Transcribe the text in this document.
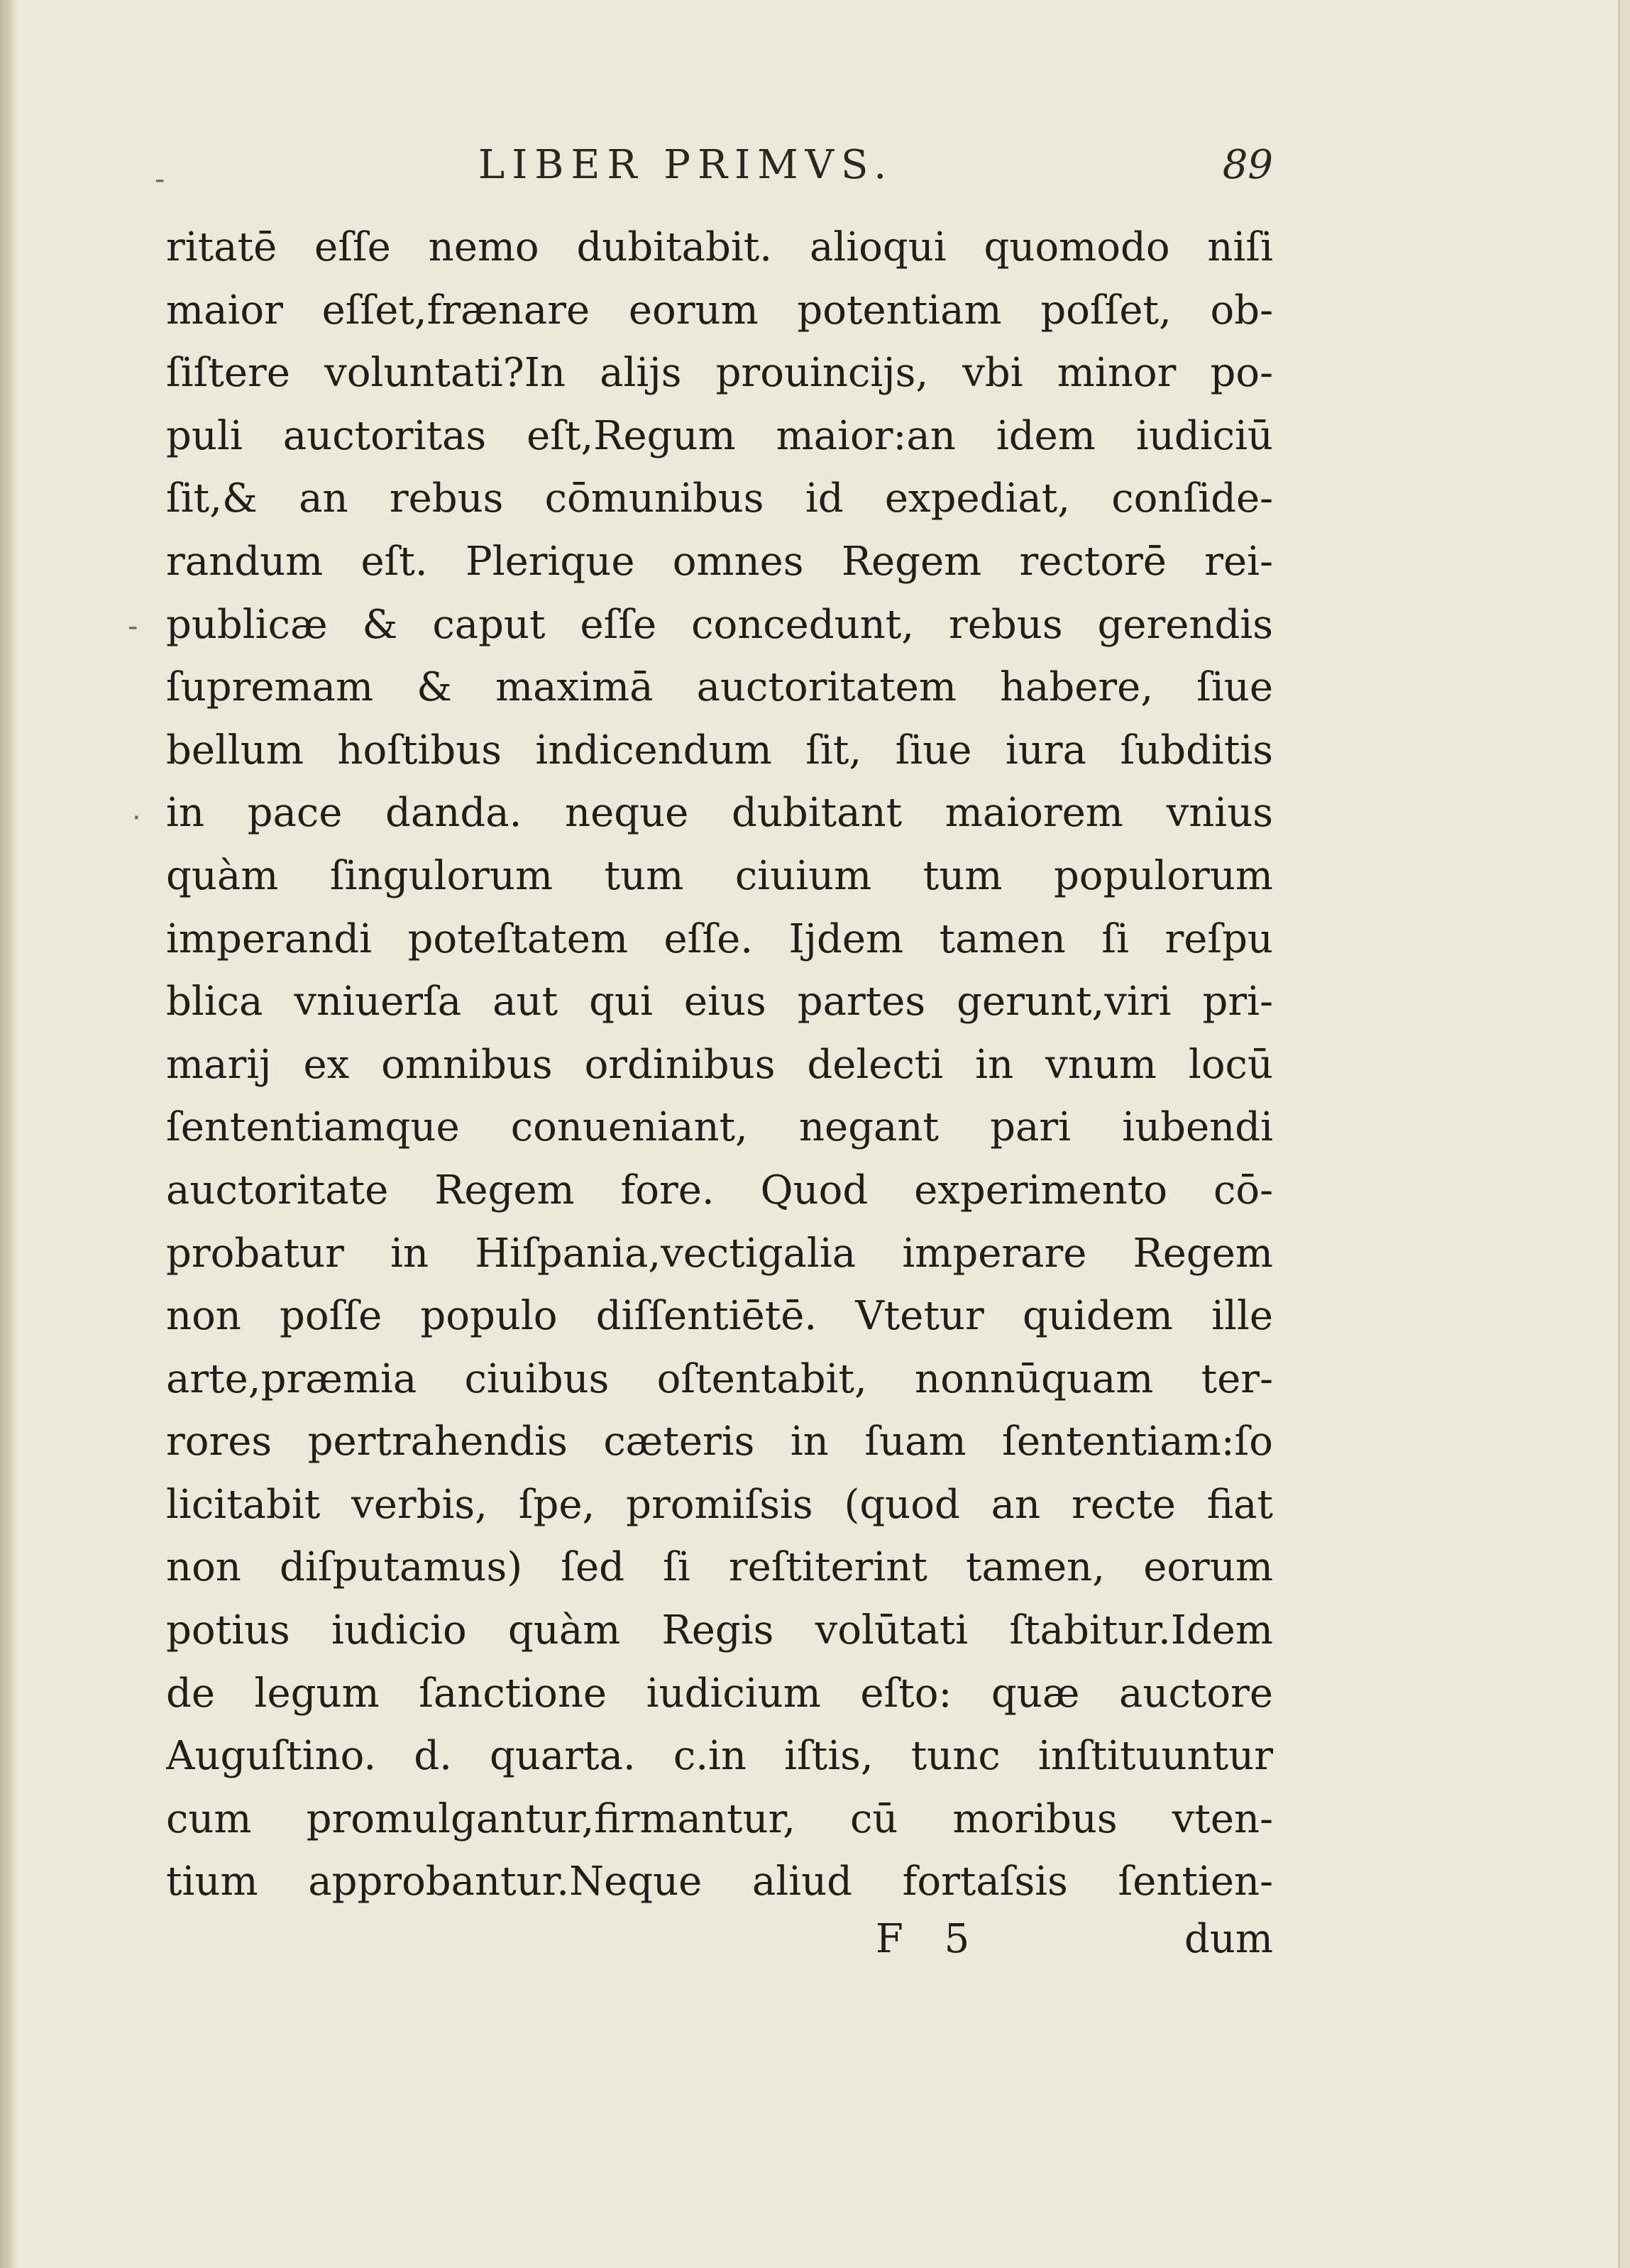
LIBER PRIMVS.	89
ritatē eſſe nemo dubitabit. alioqui quomodo niſi
maior eſſet,frænare eorum potentiam poſſet, ob-
ſiſtere voluntati?In alijs prouincijs, vbi minor po-
puli auctoritas eſt,Regum maior:an idem iudiciū
ſit,& an rebus cōmunibus id expediat, conſide-
randum eſt. Plerique omnes Regem rectorē rei-
publicæ & caput eſſe concedunt, rebus gerendis
ſupremam & maximā auctoritatem habere, ſiue
bellum hoſtibus indicendum ſit, ſiue iura ſubditis
in pace danda. neque dubitant maiorem vnius
quàm ſingulorum tum ciuium tum populorum
imperandi poteſtatem eſſe. Ijdem tamen ſi reſpu
blica vniuerſa aut qui eius partes gerunt,viri pri-
marij ex omnibus ordinibus delecti in vnum locū
ſententiamque conueniant, negant pari iubendi
auctoritate Regem fore. Quod experimento cō-
probatur in Hiſpania,vectigalia imperare Regem
non poſſe populo diſſentiētē. Vtetur quidem ille
arte,præmia ciuibus oſtentabit, nonnūquam ter-
rores pertrahendis cæteris in ſuam ſententiam:ſo
licitabit verbis, ſpe, promiſsis (quod an recte fiat
non diſputamus) ſed ſi reſtiterint tamen, eorum
potius iudicio quàm Regis volūtati ſtabitur.Idem
de legum ſanctione iudicium eſto: quæ auctore
Auguſtino. d. quarta. c.in iſtis, tunc inſtituuntur
cum promulgantur,firmantur, cū moribus vten-
tium approbantur.Neque aliud fortaſsis ſentien-
F 5	dum
-
-
·
